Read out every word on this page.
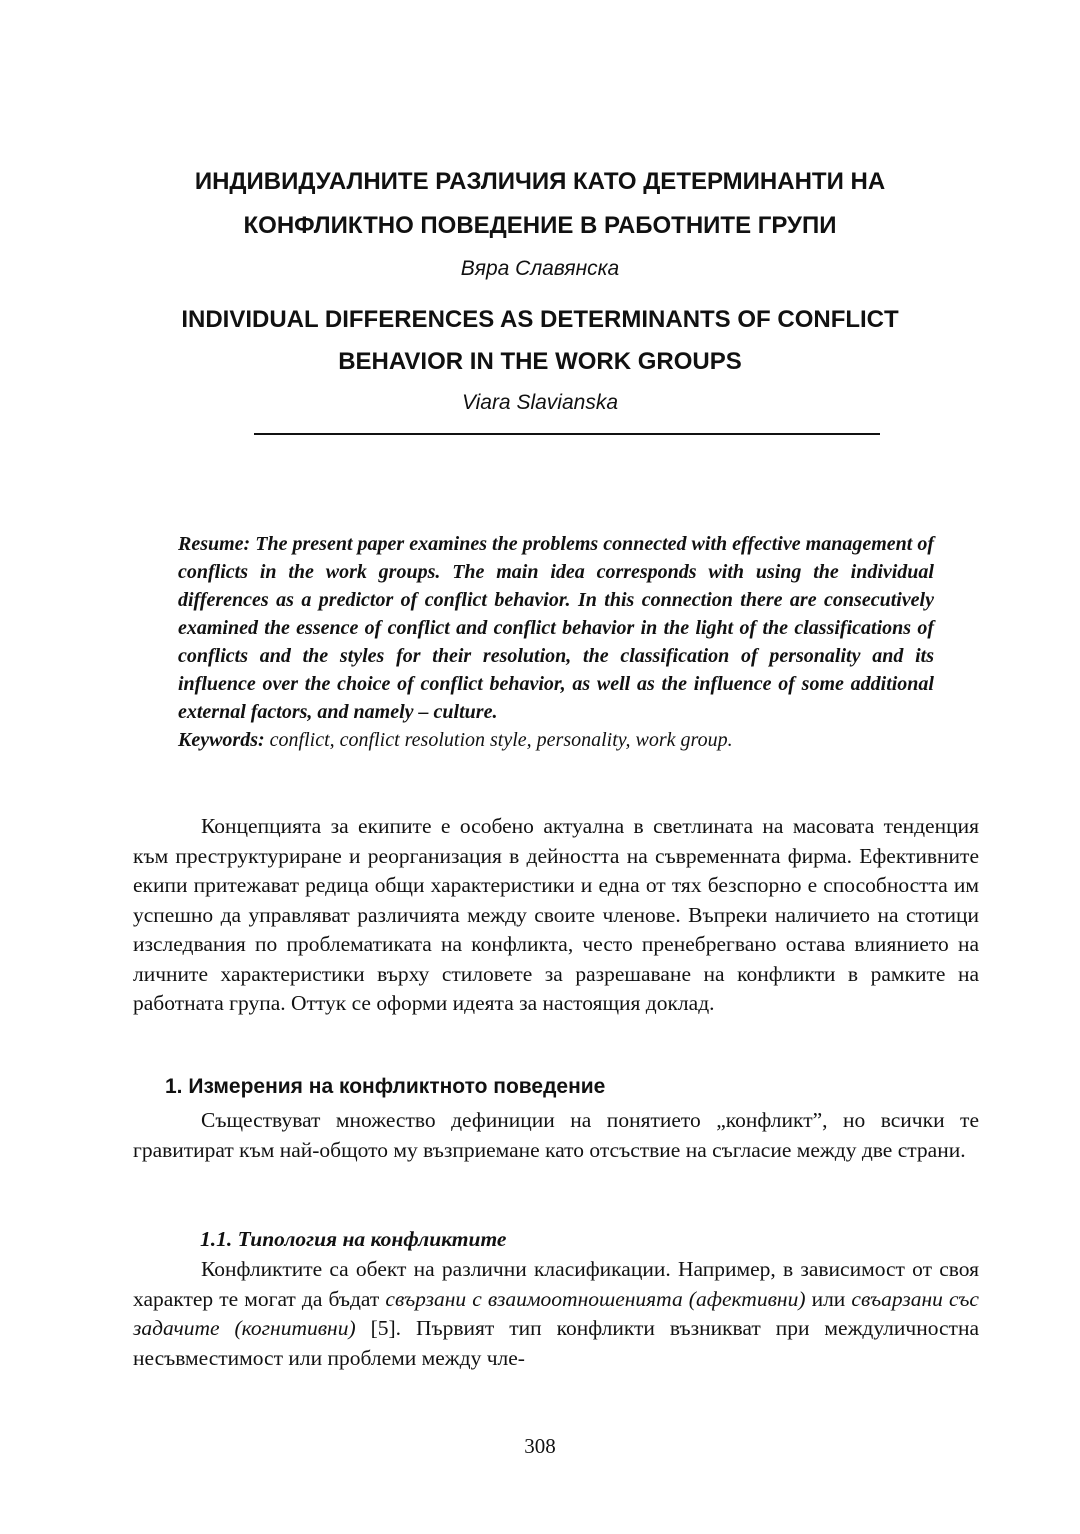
ИНДИВИДУАЛНИТЕ РАЗЛИЧИЯ КАТО ДЕТЕРМИНАНТИ НА
КОНФЛИКТНО ПОВЕДЕНИЕ В РАБОТНИТЕ ГРУПИ

Вяра Славянска

INDIVIDUAL DIFFERENCES AS DETERMINANTS OF CONFLICT
BEHAVIOR IN THE WORK GROUPS

Viara Slavianska

Resume: The present paper examines the problems connected with effective management of conflicts in the work groups. The main idea corresponds with using the individual differences as a predictor of conflict behavior. In this connection there are consecutively examined the essence of conflict and conflict behavior in the light of the classifications of conflicts and the styles for their resolution, the classification of personality and its influence over the choice of conflict behavior, as well as the influence of some additional external factors, and namely – culture.

Keywords: conflict, conflict resolution style, personality, work group.

Концепцията за екипите е особено актуална в светлината на масовата тенденция към преструктуриране и реорганизация в дейността на съвременната фирма. Ефективните екипи притежават редица общи характеристики и една от тях безспорно е способността им успешно да управляват различията между своите членове. Въпреки наличието на стотици изследвания по проблематиката на конфликта, често пренебрегвано остава влиянието на личните характеристики върху стиловете за разрешаване на конфликти в рамките на работната група. Оттук се оформи идеята за настоящия доклад.

1. Измерения на конфликтното поведение

Съществуват множество дефиниции на понятието „конфликт”, но всички те гравитират към най-общото му възприемане като отсъствие на съгласие между две страни.

1.1. Типология на конфликтите

Конфликтите са обект на различни класификации. Например, в зависимост от своя характер те могат да бъдат свързани с взаимоотношенията (афективни) или свъарзани със задачите (когнитивни) [5]. Първият тип конфликти възникват при междуличностна несъвместимост или проблеми между чле-

308
